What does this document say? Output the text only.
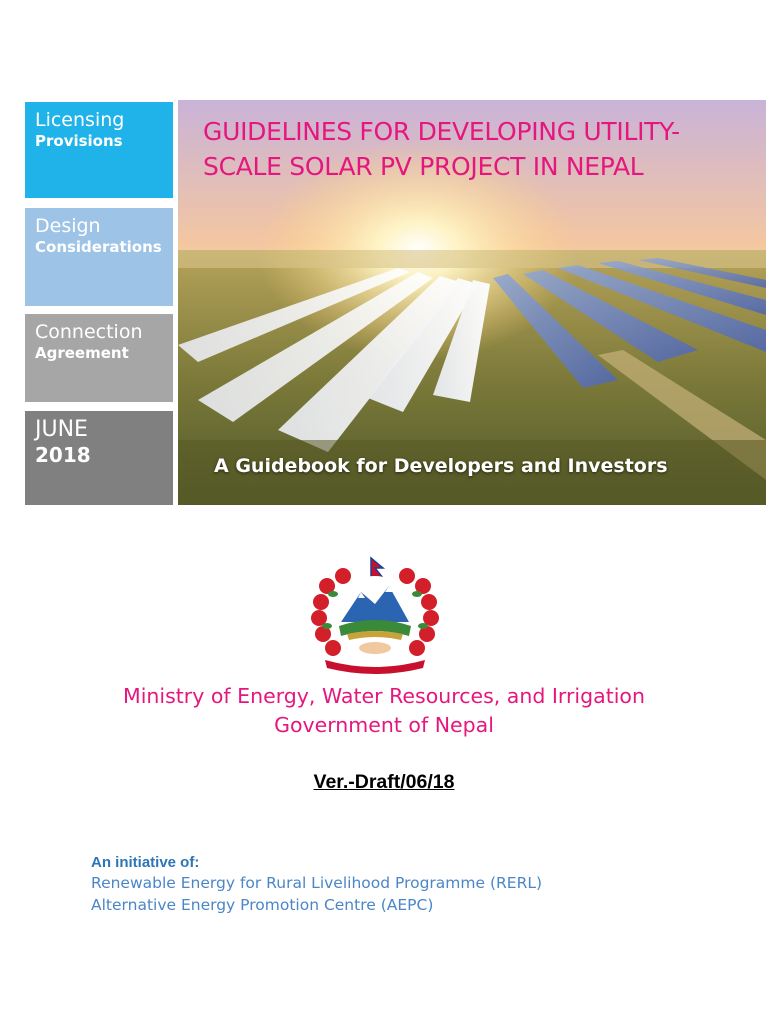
Licensing
Provisions
Design
Considerations
Connection
Agreement
JUNE
2018
GUIDELINES FOR DEVELOPING UTILITY-
SCALE SOLAR PV PROJECT IN NEPAL
A Guidebook for Developers and Investors
Ministry of Energy, Water Resources, and Irrigation
Government of Nepal
Ver.-Draft/06/18
An initiative of:
Renewable Energy for Rural Livelihood Programme (RERL)
Alternative Energy Promotion Centre (AEPC)
